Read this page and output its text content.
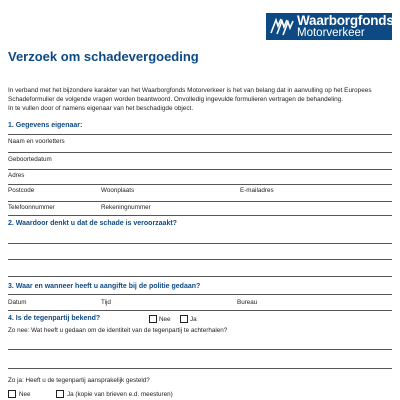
Waarborgfonds
Motorverkeer
Verzoek om schadevergoeding
In verband met het bijzondere karakter van het Waarborgfonds Motorverkeer is het van belang dat in aanvulling op het Europees
Schadeformulier de volgende vragen worden beantwoord. Onvolledig ingevulde formulieren vertragen de behandeling.
In te vullen door of namens eigenaar van het beschadigde object.
1. Gegevens eigenaar:
Naam en voorletters
Geboortedatum
Adres
Postcode	Woonplaats	E-mailadres
Telefoonnummer	Rekeningnummer
2. Waardoor denkt u dat de schade is veroorzaakt?
3. Waar en wanneer heeft u aangifte bij de politie gedaan?
Datum	Tijd	Bureau
4. Is de tegenpartij bekend?	Nee	Ja
Zo nee: Wat heeft u gedaan om de identiteit van de tegenpartij te achterhalen?
Zo ja: Heeft u de tegenpartij aansprakelijk gesteld?
Nee	Ja (kopie van brieven e.d. meesturen)
